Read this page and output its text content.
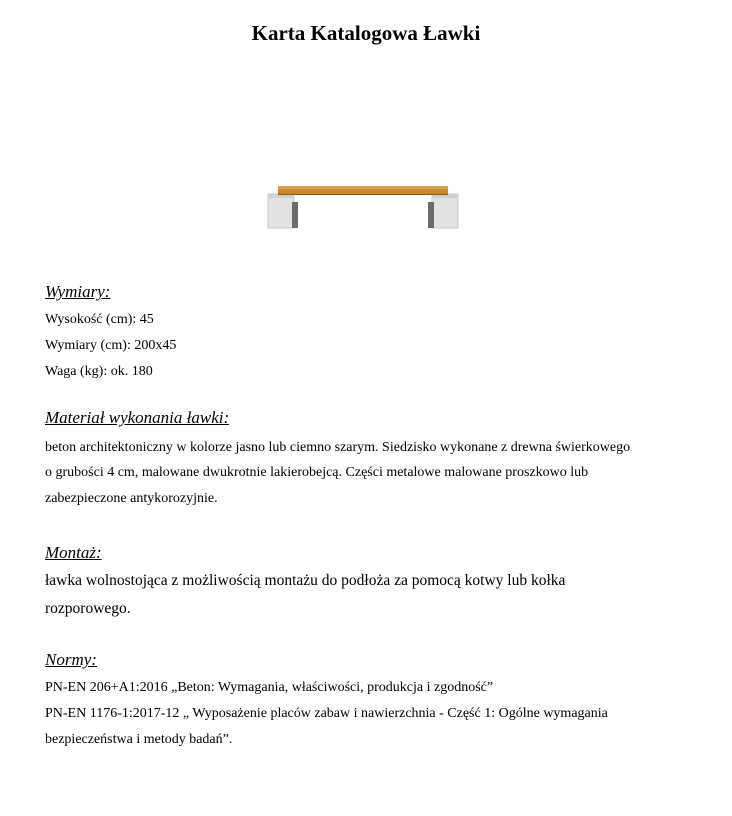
Karta Katalogowa Ławki

Wymiary:

Wysokość (cm): 45

Wymiary (cm): 200x45

Waga (kg): ok. 180

Materiał wykonania ławki:

beton architektoniczny w kolorze jasno lub ciemno szarym. Siedzisko wykonane z drewna świerkowego

o grubości 4 cm, malowane dwukrotnie lakierobejcą. Części metalowe malowane proszkowo lub

zabezpieczone antykorozyjnie.

Montaż:

ławka wolnostojąca z możliwością montażu do podłoża za pomocą kotwy lub kołka

rozporowego.

Normy:

PN-EN 206+A1:2016 „Beton: Wymagania, właściwości, produkcja i zgodność”

PN-EN 1176-1:2017-12 „ Wyposażenie placów zabaw i nawierzchnia - Część 1: Ogólne wymagania

bezpieczeństwa i metody badań”.
